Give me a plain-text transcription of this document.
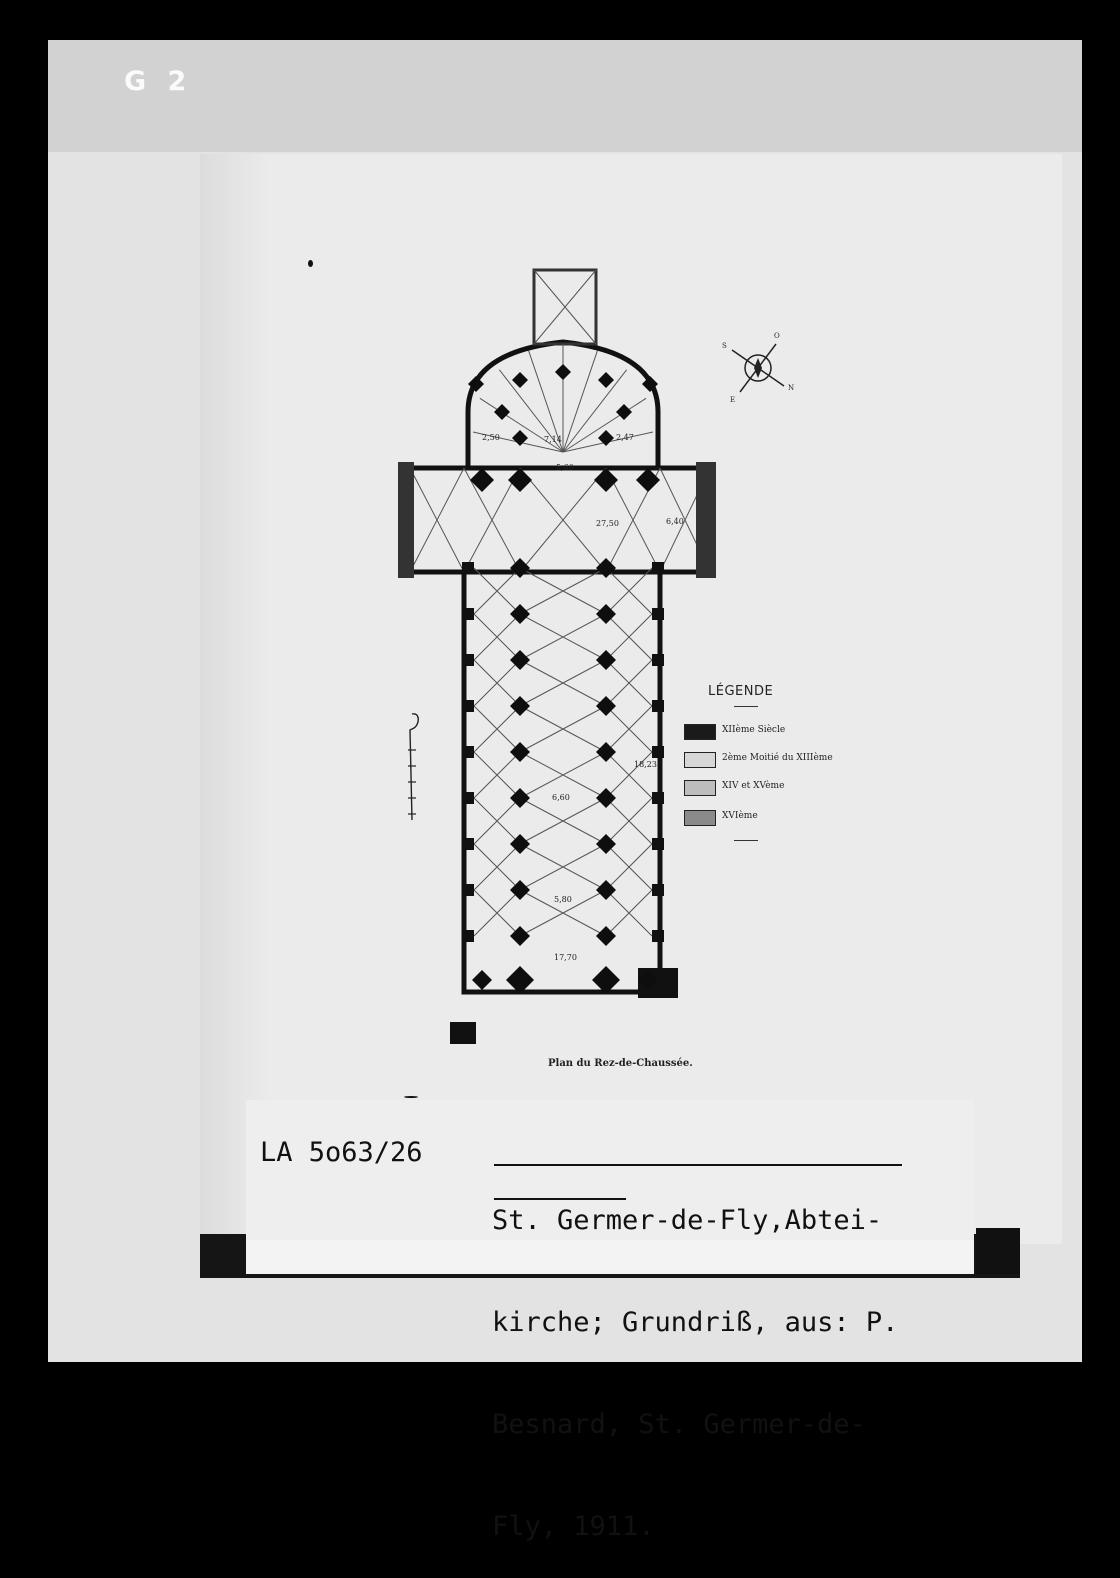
G 2
2,50	7,14	2,47
5,60
27,50	6,40
18,23
6,60
5,80
17,70
Plan du Rez-de-Chaussée.
S
O
N
E
LÉGENDE
XIIème Siècle
2ème Moitié du XIIIème
XIV et XVème
XVIème
LA 5o63/26

St. Germer-de-Fly,Abtei-

kirche; Grundriß, aus: P.

Besnard, St. Germer-de-

Fly, 1911.
